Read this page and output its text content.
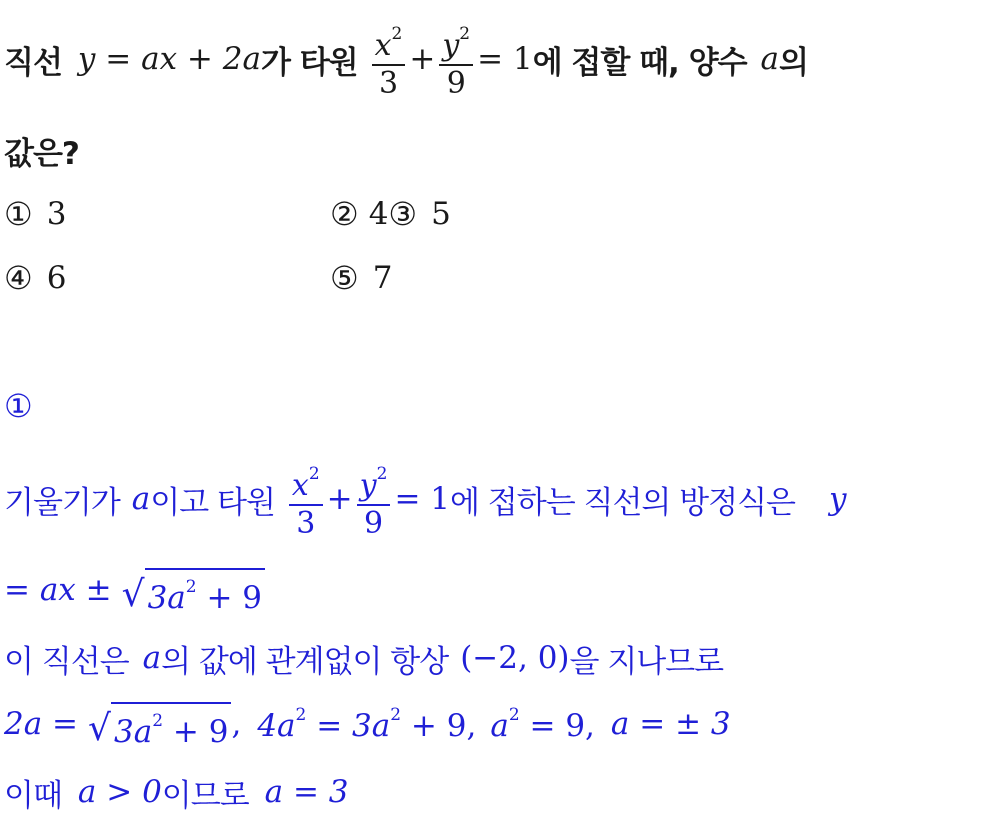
직선 y = ax + 2a 가 타원 $\frac{x^2}{3} + \frac{y^2}{9} = 1$ 에 접할 때, 양수 a 의
값은?
① 3	② 4 ③ 5
④ 6	⑤ 7
①
기울기가 a 이고 타원 $\frac{x^2}{3} + \frac{y^2}{9} = 1$ 에 접하는 직선의 방정식은 y
= ax ± √ $3a^2 + 9$
이 직선은 a 의 값에 관계없이 항상 (−2, 0) 을 지나므로
2a = √ $3a^2 + 9$ , $4a^2 = 3a^2 + 9$, $a^2 = 9$, a = ± 3
이때 a > 0 이므로 a = 3
